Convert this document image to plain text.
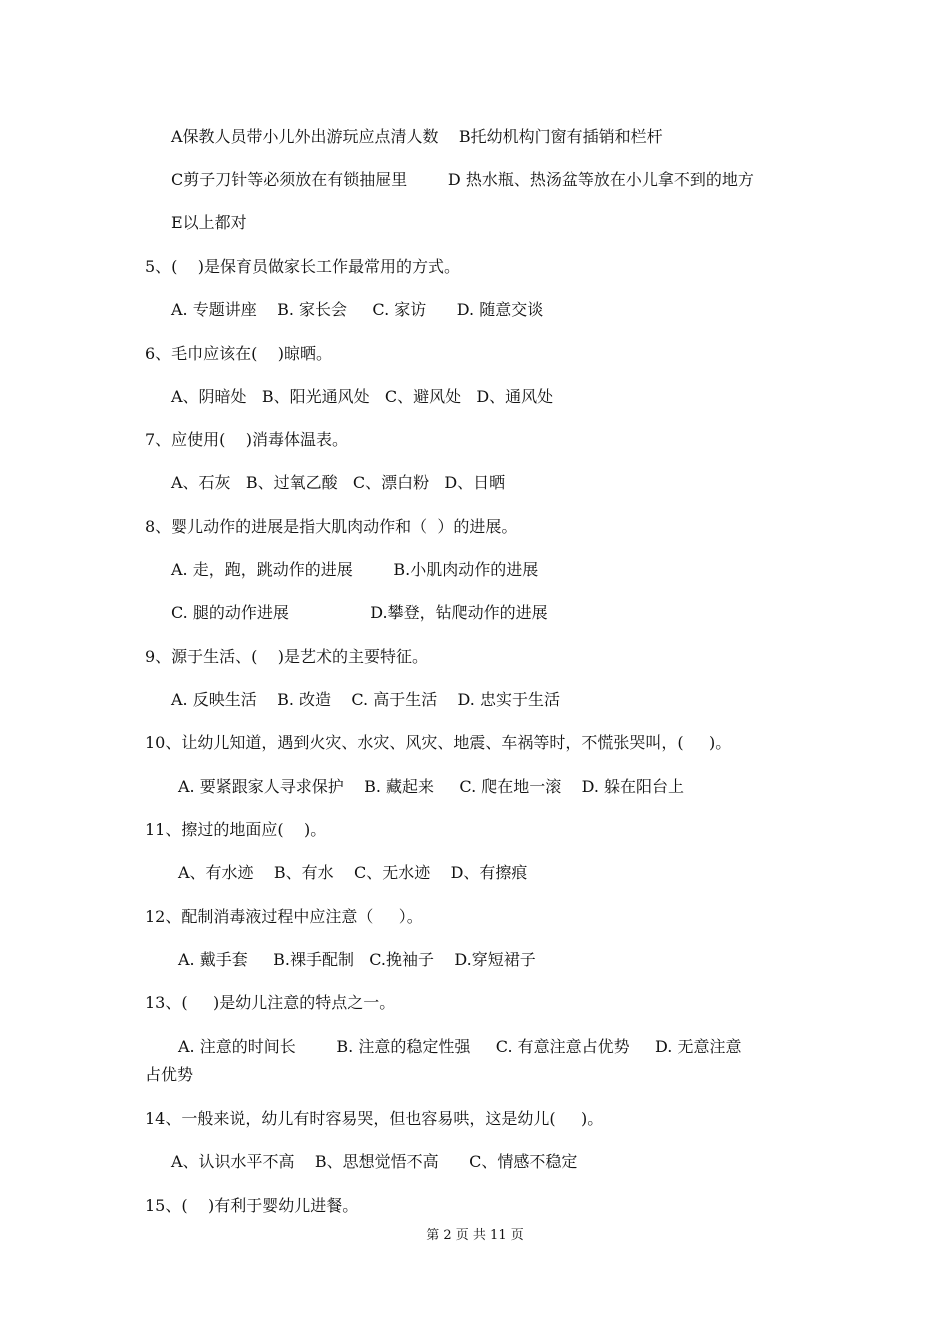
A保教人员带小儿外出游玩应点清人数    B托幼机构门窗有插销和栏杆
C剪子刀针等必须放在有锁抽屉里        D 热水瓶、热汤盆等放在小儿拿不到的地方
E以上都对
5、(    )是保育员做家长工作最常用的方式。
A. 专题讲座    B. 家长会     C. 家访      D. 随意交谈
6、毛巾应该在(    )晾晒。
A、阴暗处   B、阳光通风处   C、避风处   D、通风处
7、应使用(    )消毒体温表。
A、石灰   B、过氧乙酸   C、漂白粉   D、日晒
8、婴儿动作的进展是指大肌肉动作和（  ）的进展。
A. 走，跑，跳动作的进展        B.小肌肉动作的进展
C. 腿的动作进展                D.攀登，钻爬动作的进展
9、源于生活、(    )是艺术的主要特征。
A. 反映生活    B. 改造    C. 高于生活    D. 忠实于生活
10、让幼儿知道，遇到火灾、水灾、风灾、地震、车祸等时，不慌张哭叫，(     )。
A. 要紧跟家人寻求保护    B. 藏起来     C. 爬在地一滚    D. 躲在阳台上
11、擦过的地面应(    )。
A、有水迹    B、有水    C、无水迹    D、有擦痕
12、配制消毒液过程中应注意（     ）。
A. 戴手套     B.裸手配制   C.挽袖子    D.穿短裙子
13、(     )是幼儿注意的特点之一。
A. 注意的时间长        B. 注意的稳定性强     C. 有意注意占优势     D. 无意注意
占优势
14、一般来说，幼儿有时容易哭，但也容易哄，这是幼儿(     )。
A、认识水平不高    B、思想觉悟不高      C、情感不稳定
15、(    )有利于婴幼儿进餐。
第 2 页 共 11 页
